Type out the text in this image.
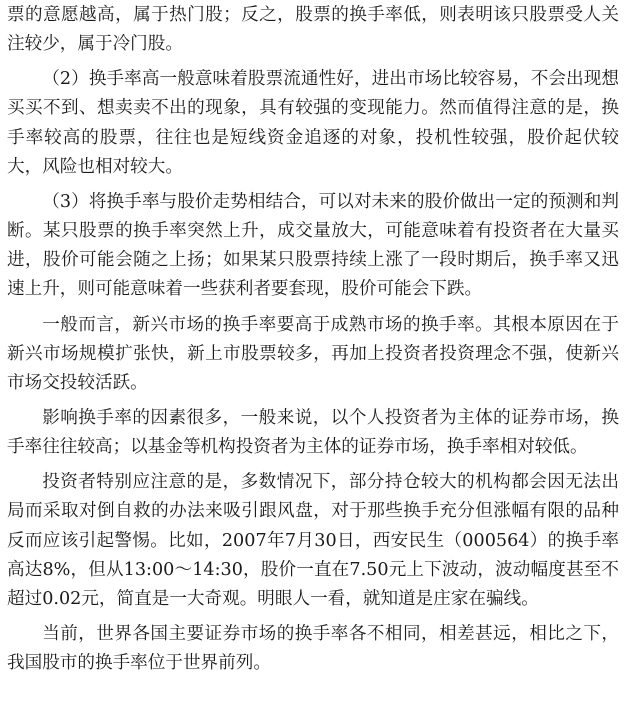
票的意愿越高，属于热门股；反之，股票的换手率低，则表明该只股票受人关注较少，属于冷门股。

（2）换手率高一般意味着股票流通性好，进出市场比较容易，不会出现想买买不到、想卖卖不出的现象，具有较强的变现能力。然而值得注意的是，换手率较高的股票，往往也是短线资金追逐的对象，投机性较强，股价起伏较大，风险也相对较大。

（3）将换手率与股价走势相结合，可以对未来的股价做出一定的预测和判断。某只股票的换手率突然上升，成交量放大，可能意味着有投资者在大量买进，股价可能会随之上扬；如果某只股票持续上涨了一段时期后，换手率又迅速上升，则可能意味着一些获利者要套现，股价可能会下跌。

一般而言，新兴市场的换手率要高于成熟市场的换手率。其根本原因在于新兴市场规模扩张快，新上市股票较多，再加上投资者投资理念不强，使新兴市场交投较活跃。

影响换手率的因素很多，一般来说，以个人投资者为主体的证券市场，换手率往往较高；以基金等机构投资者为主体的证券市场，换手率相对较低。

投资者特别应注意的是，多数情况下，部分持仓较大的机构都会因无法出局而采取对倒自救的办法来吸引跟风盘，对于那些换手充分但涨幅有限的品种反而应该引起警惕。比如，2007年7月30日，西安民生（000564）的换手率高达8%，但从13:00～14:30，股价一直在7.50元上下波动，波动幅度甚至不超过0.02元，简直是一大奇观。明眼人一看，就知道是庄家在骗线。

当前，世界各国主要证券市场的换手率各不相同，相差甚远，相比之下，我国股市的换手率位于世界前列。
